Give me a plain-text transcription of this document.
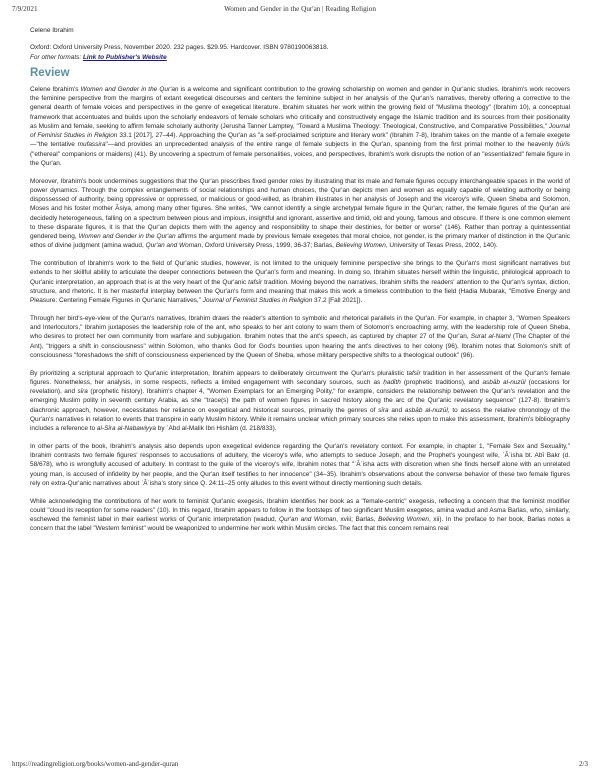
7/9/2021	Women and Gender in the Qur'an | Reading Religion

Celene Ibrahim

Oxford: Oxford University Press, November 2020. 232 pages. $29.95. Hardcover. ISBN 9780190063818.

For other formats: Link to Publisher's Website

Review

Celene Ibrahim's Women and Gender in the Qur'an is a welcome and significant contribution to the growing scholarship on women and gender in Qur'anic studies. Ibrahim's work recovers the feminine perspective from the margins of extant exegetical discourses and centers the feminine subject in her analysis of the Qur'an's narratives, thereby offering a corrective to the general dearth of female voices and perspectives in the genre of exegetical literature. Ibrahim situates her work within the growing field of "Muslima theology" (Ibrahim 10), a conceptual framework that accentuates and builds upon the scholarly endeavors of female scholars who critically and constructively engage the Islamic tradition and its sources from their positionality as Muslim and female, seeking to affirm female scholarly authority (Jerusha Tanner Lamptey, "Toward a Muslima Theology: Theological, Constructive, and Comparative Possibilities," Journal of Feminist Studies in Religion 33.1 [2017], 27–44). Approaching the Qur'an as "a self-proclaimed scripture and literary work" (Ibrahim 7-8), Ibrahim takes on the mantle of a female exegete—"the tentative mufassira"—and provides an unprecedented analysis of the entire range of female subjects in the Qur'an, spanning from the first primal mother to the heavenly ḥūrīs ("ethereal" companions or maidens) (41). By uncovering a spectrum of female personalities, voices, and perspectives, Ibrahim's work disrupts the notion of an "essentialized" female figure in the Qur'an.

Moreover, Ibrahim's book undermines suggestions that the Qur'an prescribes fixed gender roles by illustrating that its male and female figures occupy interchangeable spaces in the world of power dynamics. Through the complex entanglements of social relationships and human choices, the Qur'an depicts men and women as equally capable of wielding authority or being dispossessed of authority, being oppressive or oppressed, or malicious or good-willed, as Ibrahim illustrates in her analysis of Joseph and the viceroy's wife, Queen Sheba and Solomon, Moses and his foster mother Āsiya, among many other figures. She writes, "We cannot identify a single archetypal female figure in the Qur'an; rather, the female figures of the Qur'an are decidedly heterogeneous, falling on a spectrum between pious and impious, insightful and ignorant, assertive and timid, old and young, famous and obscure. If there is one common element to these disparate figures, it is that the Qur'an depicts them with the agency and responsibility to shape their destinies, for better or worse" (146). Rather than portray a quintessential gendered being, Women and Gender in the Qur'an affirms the argument made by previous female exegetes that moral choice, not gender, is the primary marker of distinction in the Qur'anic ethos of divine judgment (amina wadud, Qur'an and Woman, Oxford University Press, 1999, 36-37; Barlas, Believing Women, University of Texas Press, 2002, 140).

The contribution of Ibrahim's work to the field of Qur'anic studies, however, is not limited to the uniquely feminine perspective she brings to the Qur'an's most significant narratives but extends to her skillful ability to articulate the deeper connections between the Qur'an's form and meaning. In doing so, Ibrahim situates herself within the linguistic, philological approach to Qur'anic interpretation, an approach that is at the very heart of the Qur'anic tafsīr tradition. Moving beyond the narratives, Ibrahim shifts the readers' attention to the Qur'an's syntax, diction, structure, and rhetoric. It is her masterful interplay between the Qur'an's form and meaning that makes this work a timeless contribution to the field (Hadia Mubarak, "Emotive Energy and Pleasure: Centering Female Figures in Qur'anic Narratives," Journal of Feminist Studies in Religion 37.2 [Fall 2021]).

Through her bird's-eye-view of the Qur'an's narratives, Ibrahim draws the reader's attention to symbolic and rhetorical parallels in the Qur'an. For example, in chapter 3, "Women Speakers and Interlocutors," Ibrahim juxtaposes the leadership role of the ant, who speaks to her ant colony to warn them of Solomon's encroaching army, with the leadership role of Queen Sheba, who desires to protect her own community from warfare and subjugation. Ibrahim notes that the ant's speech, as captured by chapter 27 of the Qur'an, Surat al-Naml (The Chapter of the Ant), "triggers a shift in consciousness" within Solomon, who thanks God for God's bounties upon hearing the ant's directives to her colony (96). Ibrahim notes that Solomon's shift of consciousness "foreshadows the shift of consciousness experienced by the Queen of Sheba, whose military perspective shifts to a theological outlook" (96).

By prioritizing a scriptural approach to Qur'anic interpretation, Ibrahim appears to deliberately circumvent the Qur'an's pluralistic tafsīr tradition in her assessment of the Qur'an's female figures. Nonetheless, her analysis, in some respects, reflects a limited engagement with secondary sources, such as ḥadīth (prophetic traditions), and asbāb al-nuzūl (occasions for revelation), and sīra (prophetic history). Ibrahim's chapter 4, "Women Exemplars for an Emerging Polity," for example, considers the relationship between the Qur'an's revelation and the emerging Muslim polity in seventh century Arabia, as she "trace(s) the path of women figures in sacred history along the arc of the Qur'anic revelatory sequence" (127-8). Ibrahim's diachronic approach, however, necessitates her reliance on exegetical and historical sources, primarily the genres of sīra and asbāb al-nuzūl, to assess the relative chronology of the Qur'an's narratives in relation to events that transpire in early Muslim history. While it remains unclear which primary sources she relies upon to make this assessment, Ibrahim's bibliography includes a reference to al-Sīra al-Nabawiyya by ʿAbd al-Malik Ibn Hishām (d. 218/833).

In other parts of the book, Ibrahim's analysis also depends upon exegetical evidence regarding the Qur'an's revelatory context. For example, in chapter 1, "Female Sex and Sexuality," Ibrahim contrasts two female figures' responses to accusations of adultery, the viceroy's wife, who attempts to seduce Joseph, and the Prophet's youngest wife, ʿĀʾisha bt. Abī Bakr (d. 58/678), who is wrongfully accused of adultery. In contrast to the guile of the viceroy's wife, Ibrahim notes that "ʿĀʾisha acts with discretion when she finds herself alone with an unrelated young man, is accused of infidelity by her people, and the Qur'an itself testifies to her innocence" (34–35). Ibrahim's observations about the converse behavior of these two female figures rely on extra-Qur'anic narratives about ʿĀʾisha's story since Q. 24:11–25 only alludes to this event without directly mentioning such details.

While acknowledging the contributions of her work to feminist Qur'anic exegesis, Ibrahim identifies her book as a "female-centric" exegesis, reflecting a concern that the feminist modifier could "cloud its reception for some readers" (10). In this regard, Ibrahim appears to follow in the footsteps of two significant Muslim exegetes, amina wadud and Asma Barlas, who, similarly, eschewed the feminist label in their earliest works of Qur'anic interpretation (wadud, Qur'an and Woman, xviii; Barlas, Believing Women, xii). In the preface to her book, Barlas notes a concern that the label "Western feminist" would be weaponized to undermine her work within Muslim circles. The fact that this concern remains real

https://readingreligion.org/books/women-and-gender-quran	2/3
